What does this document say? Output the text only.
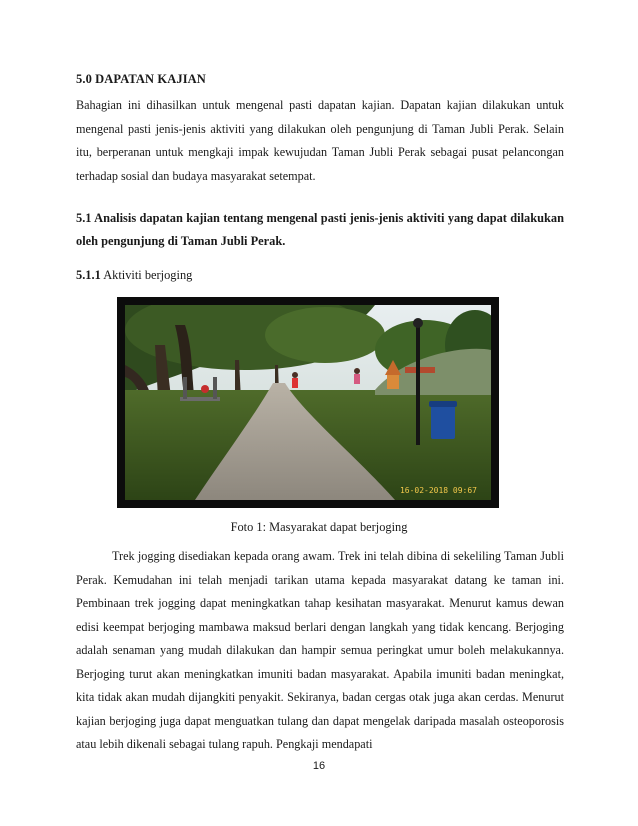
5.0 DAPATAN KAJIAN
Bahagian ini dihasilkan untuk mengenal pasti dapatan kajian. Dapatan kajian dilakukan untuk mengenal pasti jenis-jenis aktiviti yang dilakukan oleh pengunjung di Taman Jubli Perak. Selain itu, berperanan untuk mengkaji impak kewujudan Taman Jubli Perak sebagai pusat pelancongan terhadap sosial dan budaya masyarakat setempat.
5.1 Analisis dapatan kajian tentang mengenal pasti jenis-jenis aktiviti yang dapat dilakukan oleh pengunjung di Taman Jubli Perak.
5.1.1 Aktiviti berjoging
16-02-2018 09:67
Foto 1: Masyarakat dapat berjoging
Trek jogging disediakan kepada orang awam. Trek ini telah dibina di sekeliling Taman Jubli Perak. Kemudahan ini telah menjadi tarikan utama kepada masyarakat datang ke taman ini. Pembinaan trek jogging dapat meningkatkan tahap kesihatan masyarakat. Menurut kamus dewan edisi keempat berjoging mambawa maksud berlari dengan langkah yang tidak kencang. Berjoging adalah senaman yang mudah dilakukan dan hampir semua peringkat umur boleh melakukannya. Berjoging turut akan meningkatkan imuniti badan masyarakat. Apabila imuniti badan meningkat, kita tidak akan mudah dijangkiti penyakit. Sekiranya, badan cergas otak juga akan cerdas. Menurut kajian berjoging juga dapat menguatkan tulang dan dapat mengelak daripada masalah osteoporosis atau lebih dikenali sebagai tulang rapuh. Pengkaji mendapati
16
